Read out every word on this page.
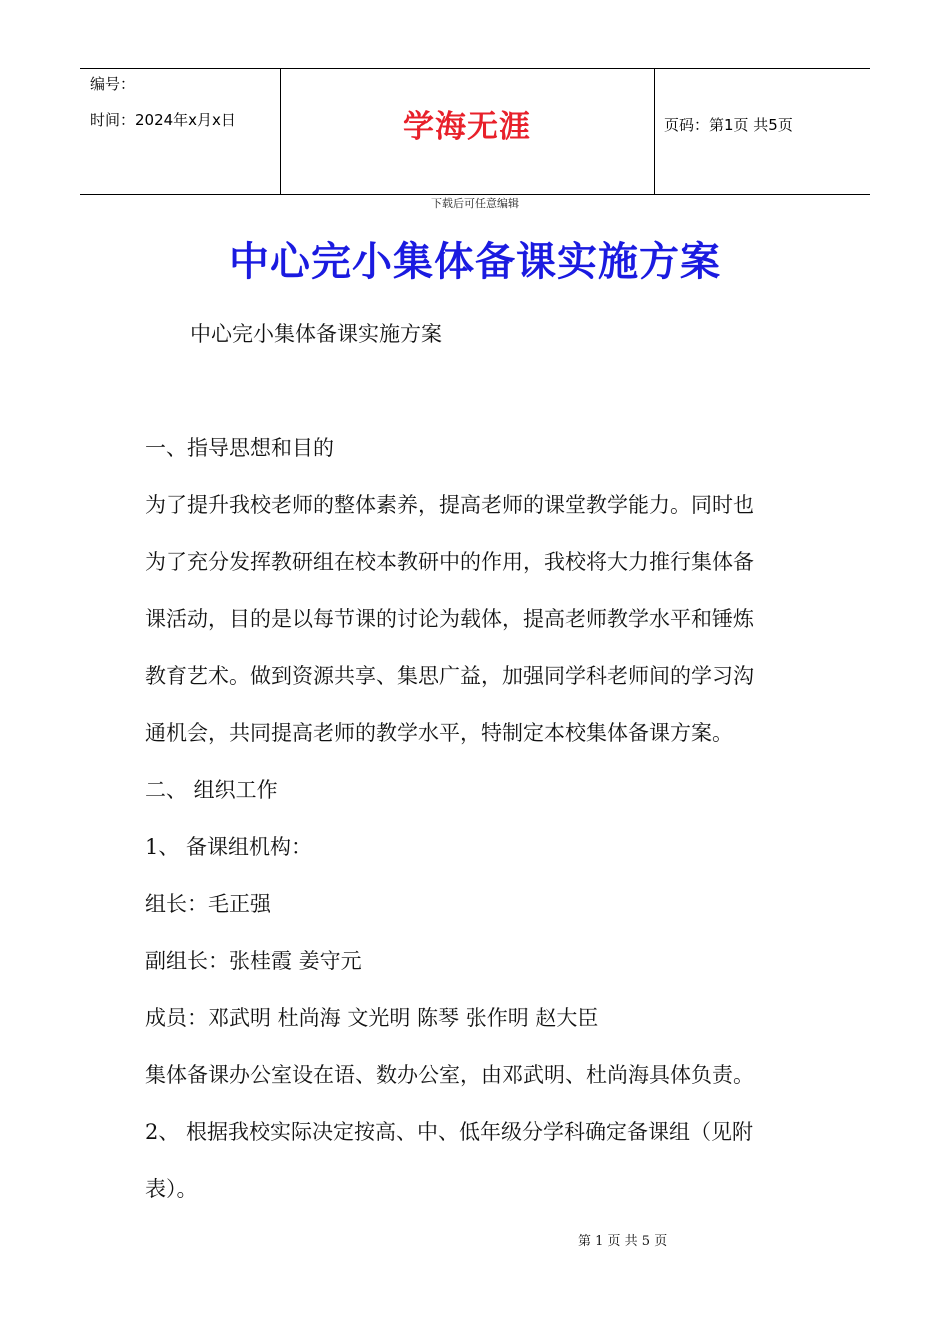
编号：
时间：2024年x月x日	学海无涯	页码：第1页 共5页
下载后可任意编辑
中心完小集体备课实施方案
中心完小集体备课实施方案
一、指导思想和目的
为了提升我校老师的整体素养，提高老师的课堂教学能力。同时也
为了充分发挥教研组在校本教研中的作用，我校将大力推行集体备
课活动，目的是以每节课的讨论为载体，提高老师教学水平和锤炼
教育艺术。做到资源共享、集思广益，加强同学科老师间的学习沟
通机会，共同提高老师的教学水平，特制定本校集体备课方案。
二、 组织工作
1、 备课组机构：
组长：毛正强
副组长：张桂霞 姜守元
成员：邓武明 杜尚海 文光明 陈琴 张作明 赵大臣
集体备课办公室设在语、数办公室，由邓武明、杜尚海具体负责。
2、 根据我校实际决定按高、中、低年级分学科确定备课组（见附
表）。
第 1 页 共 5 页
